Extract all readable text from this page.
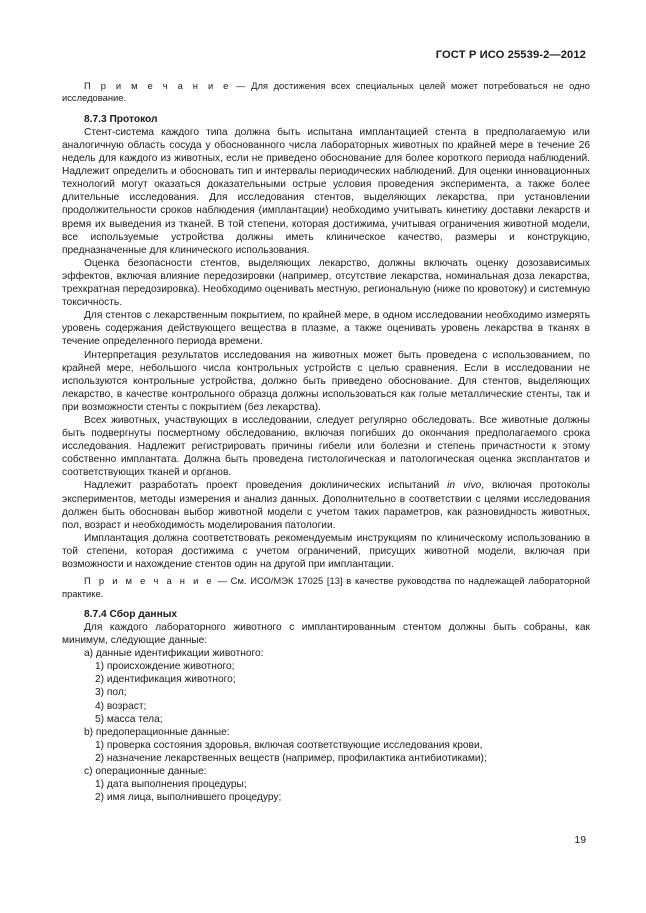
ГОСТ Р ИСО 25539-2—2012

П р и м е ч а н и е — Для достижения всех специальных целей может потребоваться не одно исследование.

8.7.3 Протокол

Стент-система каждого типа должна быть испытана имплантацией стента в предполагаемую или аналогичную область сосуда у обоснованного числа лабораторных животных по крайней мере в течение 26 недель для каждого из животных, если не приведено обоснование для более короткого периода наблюдений. Надлежит определить и обосновать тип и интервалы периодических наблюдений. Для оценки инновационных технологий могут оказаться доказательными острые условия проведения эксперимента, а также более длительные исследования. Для исследования стентов, выделяющих лекарства, при установлении продолжительности сроков наблюдения (имплантации) необходимо учитывать кинетику доставки лекарств и время их выведения из тканей. В той степени, которая достижима, учитывая ограничения животной модели, все используемые устройства должны иметь клиническое качество, размеры и конструкцию, предназначенные для клинического использования.

Оценка безопасности стентов, выделяющих лекарство, должны включать оценку дозозависимых эффектов, включая влияние передозировки (например, отсутствие лекарства, номинальная доза лекарства, трехкратная передозировка). Необходимо оценивать местную, региональную (ниже по кровотоку) и системную токсичность.

Для стентов с лекарственным покрытием, по крайней мере, в одном исследовании необходимо измерять уровень содержания действующего вещества в плазме, а также оценивать уровень лекарства в тканях в течение определенного периода времени.

Интерпретация результатов исследования на животных может быть проведена с использованием, по крайней мере, небольшого числа контрольных устройств с целью сравнения. Если в исследовании не используются контрольные устройства, должно быть приведено обоснование. Для стентов, выделяющих лекарство, в качестве контрольного образца должны использоваться как голые металлические стенты, так и при возможности стенты с покрытием (без лекарства).

Всех животных, участвующих в исследовании, следует регулярно обследовать. Все животные должны быть подвергнуты посмертному обследованию, включая погибших до окончания предполагаемого срока исследования. Надлежит регистрировать причины гибели или болезни и степень причастности к этому собственно имплантата. Должна быть проведена гистологическая и патологическая оценка эксплантатов и соответствующих тканей и органов.

Надлежит разработать проект проведения доклинических испытаний in vivo, включая протоколы экспериментов, методы измерения и анализ данных. Дополнительно в соответствии с целями исследования должен быть обоснован выбор животной модели с учетом таких параметров, как разновидность животных, пол, возраст и необходимость моделирования патологии.

Имплантация должна соответствовать рекомендуемым инструкциям по клиническому использованию в той степени, которая достижима с учетом ограничений, присущих животной модели, включая при возможности и нахождение стентов один на другой при имплантации.

П р и м е ч а н и е — См. ИСО/МЭК 17025 [13] в качестве руководства по надлежащей лабораторной практике.

8.7.4 Сбор данных

Для каждого лабораторного животного с имплантированным стентом должны быть собраны, как минимум, следующие данные:

а) данные идентификации животного:
1) происхождение животного;
2) идентификация животного;
3) пол;
4) возраст;
5) масса тела;
b) предоперационные данные:
1) проверка состояния здоровья, включая соответствующие исследования крови,
2) назначение лекарственных веществ (например, профилактика антибиотиками);
с) операционные данные:
1) дата выполнения процедуры;
2) имя лица, выполнившего процедуру;
19
